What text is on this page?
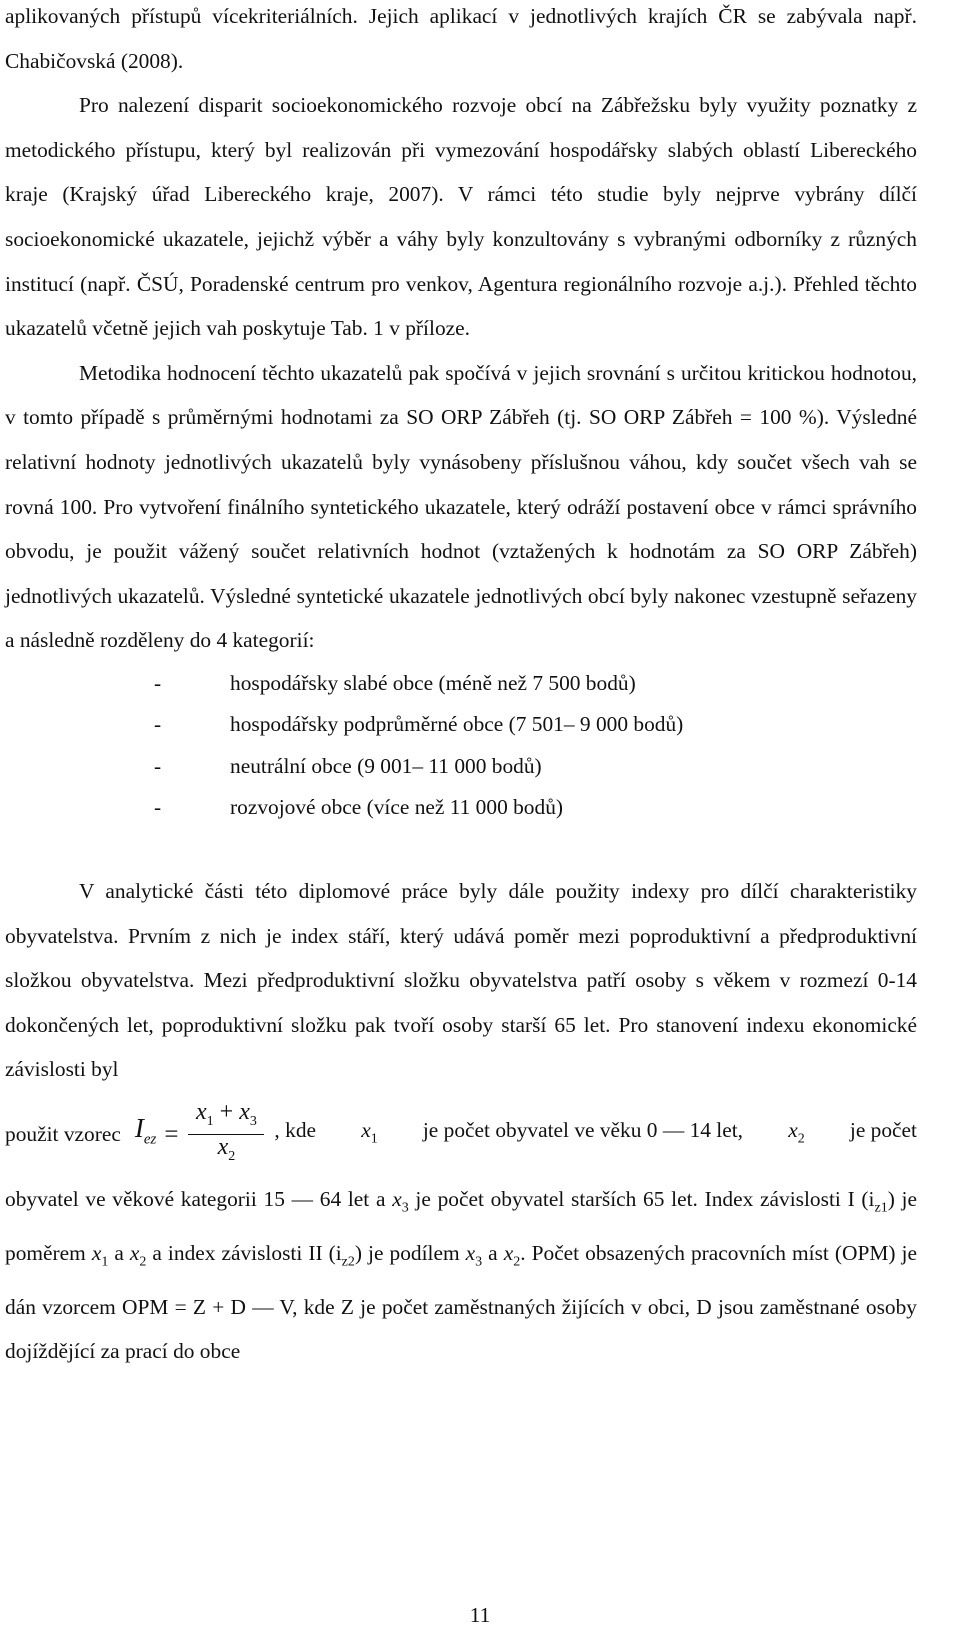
aplikovaných přístupů vícekriteriálních. Jejich aplikací v jednotlivých krajích ČR se zabývala např. Chabičovská (2008).

Pro nalezení disparit socioekonomického rozvoje obcí na Zábřežsku byly využity poznatky z metodického přístupu, který byl realizován při vymezování hospodářsky slabých oblastí Libereckého kraje (Krajský úřad Libereckého kraje, 2007). V rámci této studie byly nejprve vybrány dílčí socioekonomické ukazatele, jejichž výběr a váhy byly konzultovány s vybranými odborníky z různých institucí (např. ČSÚ, Poradenské centrum pro venkov, Agentura regionálního rozvoje a.j.). Přehled těchto ukazatelů včetně jejich vah poskytuje Tab. 1 v příloze.

Metodika hodnocení těchto ukazatelů pak spočívá v jejich srovnání s určitou kritickou hodnotou, v tomto případě s průměrnými hodnotami za SO ORP Zábřeh (tj. SO ORP Zábřeh = 100 %). Výsledné relativní hodnoty jednotlivých ukazatelů byly vynásobeny příslušnou váhou, kdy součet všech vah se rovná 100. Pro vytvoření finálního syntetického ukazatele, který odráží postavení obce v rámci správního obvodu, je použit vážený součet relativních hodnot (vztažených k hodnotám za SO ORP Zábřeh) jednotlivých ukazatelů. Výsledné syntetické ukazatele jednotlivých obcí byly nakonec vzestupně seřazeny a následně rozděleny do 4 kategorií:

-	hospodářsky slabé obce (méně než 7 500 bodů)
-	hospodářsky podprůměrné obce (7 501– 9 000 bodů)
-	neutrální obce (9 001– 11 000 bodů)
-	rozvojové obce (více než 11 000 bodů)

V analytické části této diplomové práce byly dále použity indexy pro dílčí charakteristiky obyvatelstva. Prvním z nich je index stáří, který udává poměr mezi poproduktivní a předproduktivní složkou obyvatelstva. Mezi předproduktivní složku obyvatelstva patří osoby s věkem v rozmezí 0-14 dokončených let, poproduktivní složku pak tvoří osoby starší 65 let. Pro stanovení indexu ekonomické závislosti byl

použit vzorec $I_{ez} = \frac{x_1 + x_3}{x_2}$ , kde $x_1$ je počet obyvatel ve věku 0 — 14 let, $x_2$ je počet

obyvatel ve věkové kategorii 15 — 64 let a $x_3$ je počet obyvatel starších 65 let. Index závislosti I $(i_{z1})$ je poměrem $x_1$ a $x_2$ a index závislosti II $(i_{z2})$ je podílem $x_3$ a $x_2$. Počet obsazených pracovních míst (OPM) je dán vzorcem OPM = Z + D — V, kde Z je počet zaměstnaných žijících v obci, D jsou zaměstnané osoby dojíždějící za prací do obce

11
